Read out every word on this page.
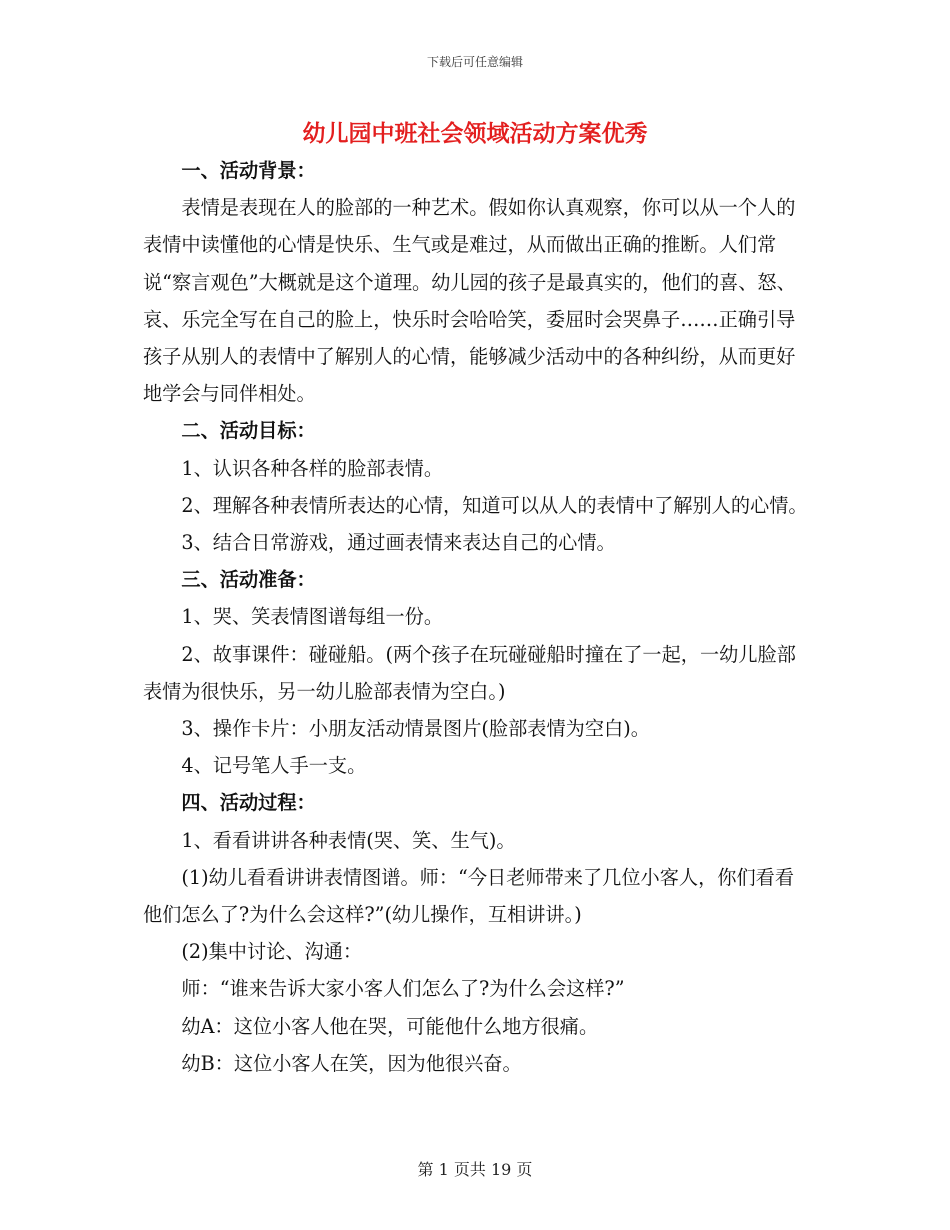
下载后可任意编辑
幼儿园中班社会领域活动方案优秀

一、活动背景：

表情是表现在人的脸部的一种艺术。假如你认真观察，你可以从一个人的表情中读懂他的心情是快乐、生气或是难过，从而做出正确的推断。人们常说“察言观色”大概就是这个道理。幼儿园的孩子是最真实的，他们的喜、怒、哀、乐完全写在自己的脸上，快乐时会哈哈笑，委屈时会哭鼻子……正确引导孩子从别人的表情中了解别人的心情，能够减少活动中的各种纠纷，从而更好地学会与同伴相处。

二、活动目标：

1、认识各种各样的脸部表情。

2、理解各种表情所表达的心情，知道可以从人的表情中了解别人的心情。

3、结合日常游戏，通过画表情来表达自己的心情。

三、活动准备：

1、哭、笑表情图谱每组一份。

2、故事课件：碰碰船。(两个孩子在玩碰碰船时撞在了一起，一幼儿脸部表情为很快乐，另一幼儿脸部表情为空白。)

3、操作卡片：小朋友活动情景图片(脸部表情为空白)。

4、记号笔人手一支。

四、活动过程：

1、看看讲讲各种表情(哭、笑、生气)。

(1)幼儿看看讲讲表情图谱。师：“今日老师带来了几位小客人，你们看看他们怎么了?为什么会这样?”(幼儿操作，互相讲讲。)

(2)集中讨论、沟通：

师：“谁来告诉大家小客人们怎么了?为什么会这样?”

幼A：这位小客人他在哭，可能他什么地方很痛。

幼B：这位小客人在笑，因为他很兴奋。

第 1 页共 19 页
